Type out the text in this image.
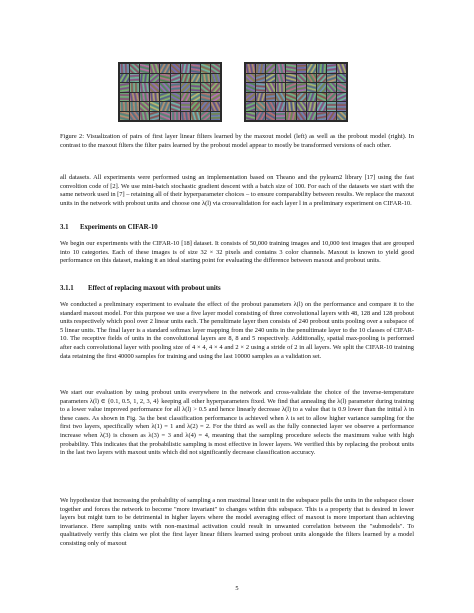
Figure 2: Visualization of pairs of first layer linear filters learned by the maxout model (left) as well as the probout model (right). In contrast to the maxout filters the filter pairs learned by the probout model appear to mostly be transformed versions of each other.

all datasets. All experiments were performed using an implementation based on Theano and the pylearn2 library [17] using the fast convoltion code of [2]. We use mini-batch stochastic gradient descent with a batch size of 100. For each of the datasets we start with the same network used in [7] – retaining all of their hyperparameter choices – to ensure comparability between results. We replace the maxout units in the network with probout units and choose one λ(l) via crossvalidation for each layer l in a preliminary experiment on CIFAR-10.

3.1 Experiments on CIFAR-10

We begin our experiments with the CIFAR-10 [18] dataset. It consists of 50,000 training images and 10,000 test images that are grouped into 10 categories. Each of these images is of size 32 × 32 pixels and contains 3 color channels. Maxout is known to yield good performance on this dataset, making it an ideal starting point for evaluating the difference between maxout and probout units.

3.1.1 Effect of replacing maxout with probout units

We conducted a preliminary experiment to evaluate the effect of the probout parameters λ(l) on the performance and compare it to the standard maxout model. For this purpose we use a five layer model consisting of three convolutional layers with 48, 128 and 128 probout units respectively which pool over 2 linear units each. The penultimate layer then consists of 240 probout units pooling over a subspace of 5 linear units. The final layer is a standard softmax layer mapping from the 240 units in the penultimate layer to the 10 classes of CIFAR-10. The receptive fields of units in the convolutional layers are 8, 8 and 5 respectively. Additionally, spatial max-pooling is performed after each convolutional layer with pooling size of 4 × 4, 4 × 4 and 2 × 2 using a stride of 2 in all layers. We split the CIFAR-10 training data retaining the first 40000 samples for training and using the last 10000 samples as a validation set.

We start our evaluation by using probout units everywhere in the network and cross-validate the choice of the inverse-temperature parameters λ(l) ∈ {0.1, 0.5, 1, 2, 3, 4} keeping all other hyperparameters fixed. We find that annealing the λ(l) parameter during training to a lower value improved performance for all λ(l) > 0.5 and hence linearly decrease λ(l) to a value that is 0.9 lower than the initial λ in these cases. As shown in Fig. 3a the best classification performance is achieved when λ is set to allow higher variance sampling for the first two layers, specifically when λ(1) = 1 and λ(2) = 2. For the third as well as the fully connected layer we observe a performance increase when λ(3) is chosen as λ(3) = 3 and λ(4) = 4, meaning that the sampling procedure selects the maximum value with high probability. This indicates that the probabilistic sampling is most effective in lower layers. We verified this by replacing the probout units in the last two layers with maxout units which did not significantly decrease classification accuracy.

We hypothesize that increasing the probability of sampling a non maximal linear unit in the subspace pulls the units in the subspace closer together and forces the network to become "more invariant" to changes within this subspace. This is a property that is desired in lower layers but might turn to be detrimental in higher layers where the model averaging effect of maxout is more important than achieving invariance. Here sampling units with non-maximal activation could result in unwanted correlation between the "submodels". To qualitatively verify this claim we plot the first layer linear filters learned using probout units alongside the filters learned by a model consisting only of maxout

5
